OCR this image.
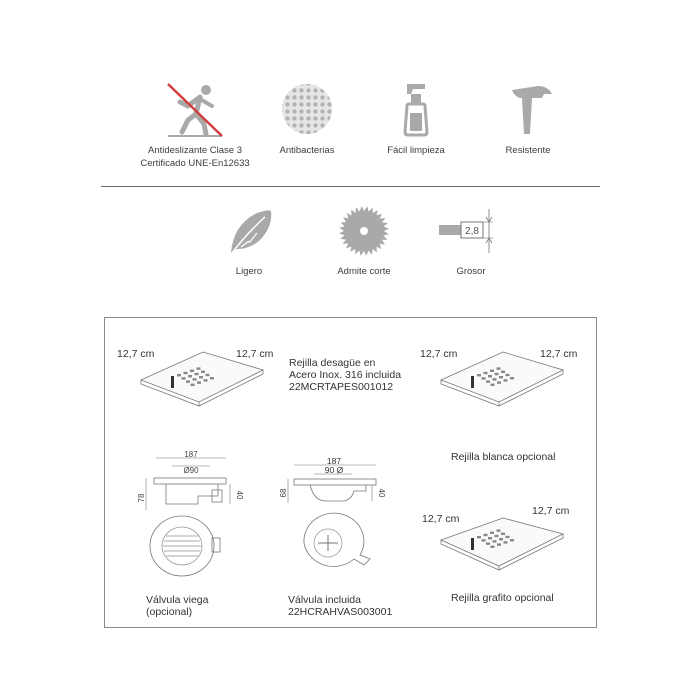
Antideslizante Clase 3
Certificado UNE-En12633
Antibacterias	Fácil limpieza	Resistente
Ligero	Admite corte
2,8
Grosor
12,7 cm	12,7 cm
Rejilla desagüe en
Acero Inox. 316 incluida
22MCRTAPES001012
12,7 cm	12,7 cm
Rejilla blanca opcional
187
Ø90
78	40
Válvula viega
(opcional)
187
90 Ø
68	40
Válvula incluida
22HCRAHVAS003001
12,7 cm
12,7 cm
Rejilla grafito opcional
